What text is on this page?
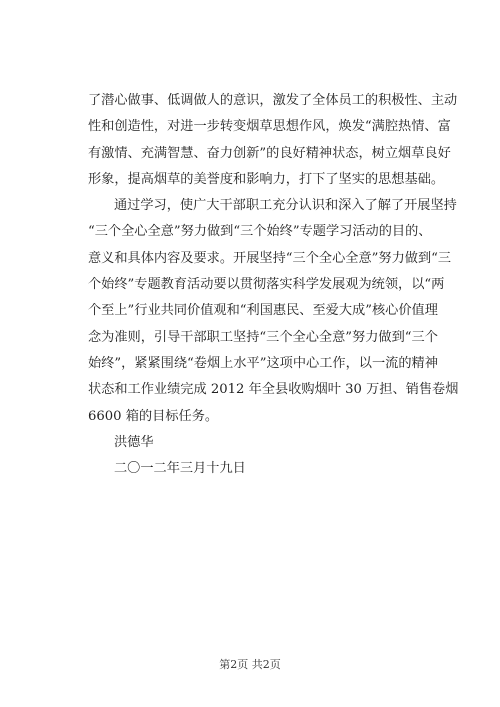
了潜心做事、低调做人的意识，激发了全体员工的积极性、主动
性和创造性，对进一步转变烟草思想作风，焕发“满腔热情、富
有激情、充满智慧、奋力创新”的良好精神状态，树立烟草良好
形象，提高烟草的美誉度和影响力，打下了坚实的思想基础。
通过学习，使广大干部职工充分认识和深入了解了开展坚持
“三个全心全意”努力做到“三个始终”专题学习活动的目的、
意义和具体内容及要求。开展坚持“三个全心全意”努力做到“三
个始终”专题教育活动要以贯彻落实科学发展观为统领，以“两
个至上”行业共同价值观和“利国惠民、至爱大成”核心价值理
念为准则，引导干部职工坚持“三个全心全意”努力做到“三个
始终”，紧紧围绕“卷烟上水平”这项中心工作，以一流的精神
状态和工作业绩完成 2012 年全县收购烟叶 30 万担、销售卷烟
6600 箱的目标任务。
洪德华
二〇一二年三月十九日
第2页 共2页
